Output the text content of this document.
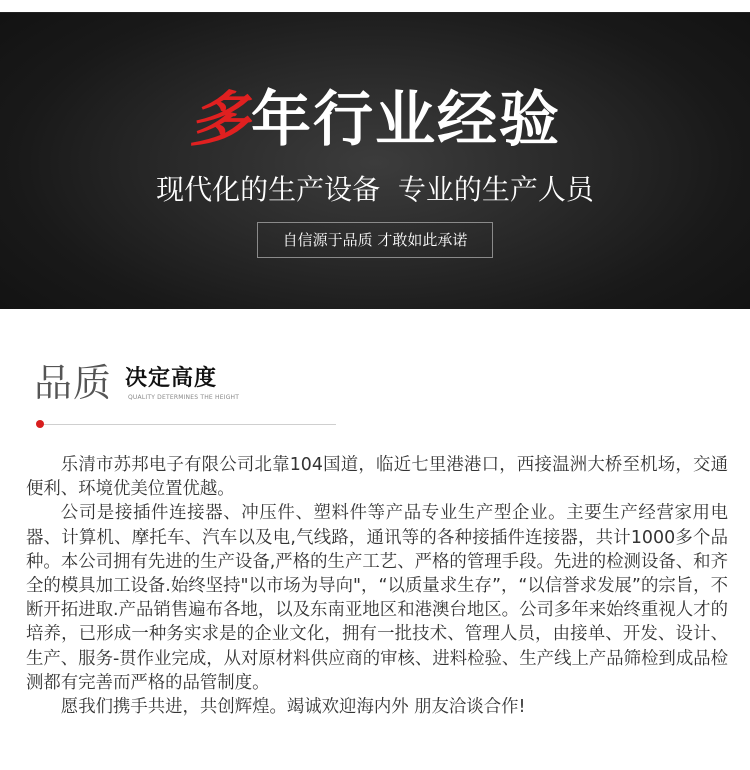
多年行业经验
现代化的生产设备  专业的生产人员
自信源于品质 才敢如此承诺
品质 决定高度
QUALITY DETERMINES THE HEIGHT

乐清市苏邦电子有限公司北靠104国道，临近七里港港口，西接温洲大桥至机场，交通便利、环境优美位置优越。

公司是接插件连接器、冲压件、塑料件等产品专业生产型企业。主要生产经营家用电器、计算机、摩托车、汽车以及电,气线路，通讯等的各种接插件连接器，共计1000多个品种。本公司拥有先进的生产设备,严格的生产工艺、严格的管理手段。先进的检测设备、和齐全的模具加工设备.始终坚持"以市场为导向"，“以质量求生存”，“以信誉求发展”的宗旨，不断开拓进取.产品销售遍布各地，以及东南亚地区和港澳台地区。公司多年来始终重视人才的培养，已形成一种务实求是的企业文化，拥有一批技术、管理人员，由接单、开发、设计、生产、服务-贯作业完成，从对原材料供应商的审核、进料检验、生产线上产品筛检到成品检测都有完善而严格的品管制度。

愿我们携手共进，共创辉煌。竭诚欢迎海内外 朋友洽谈合作!
